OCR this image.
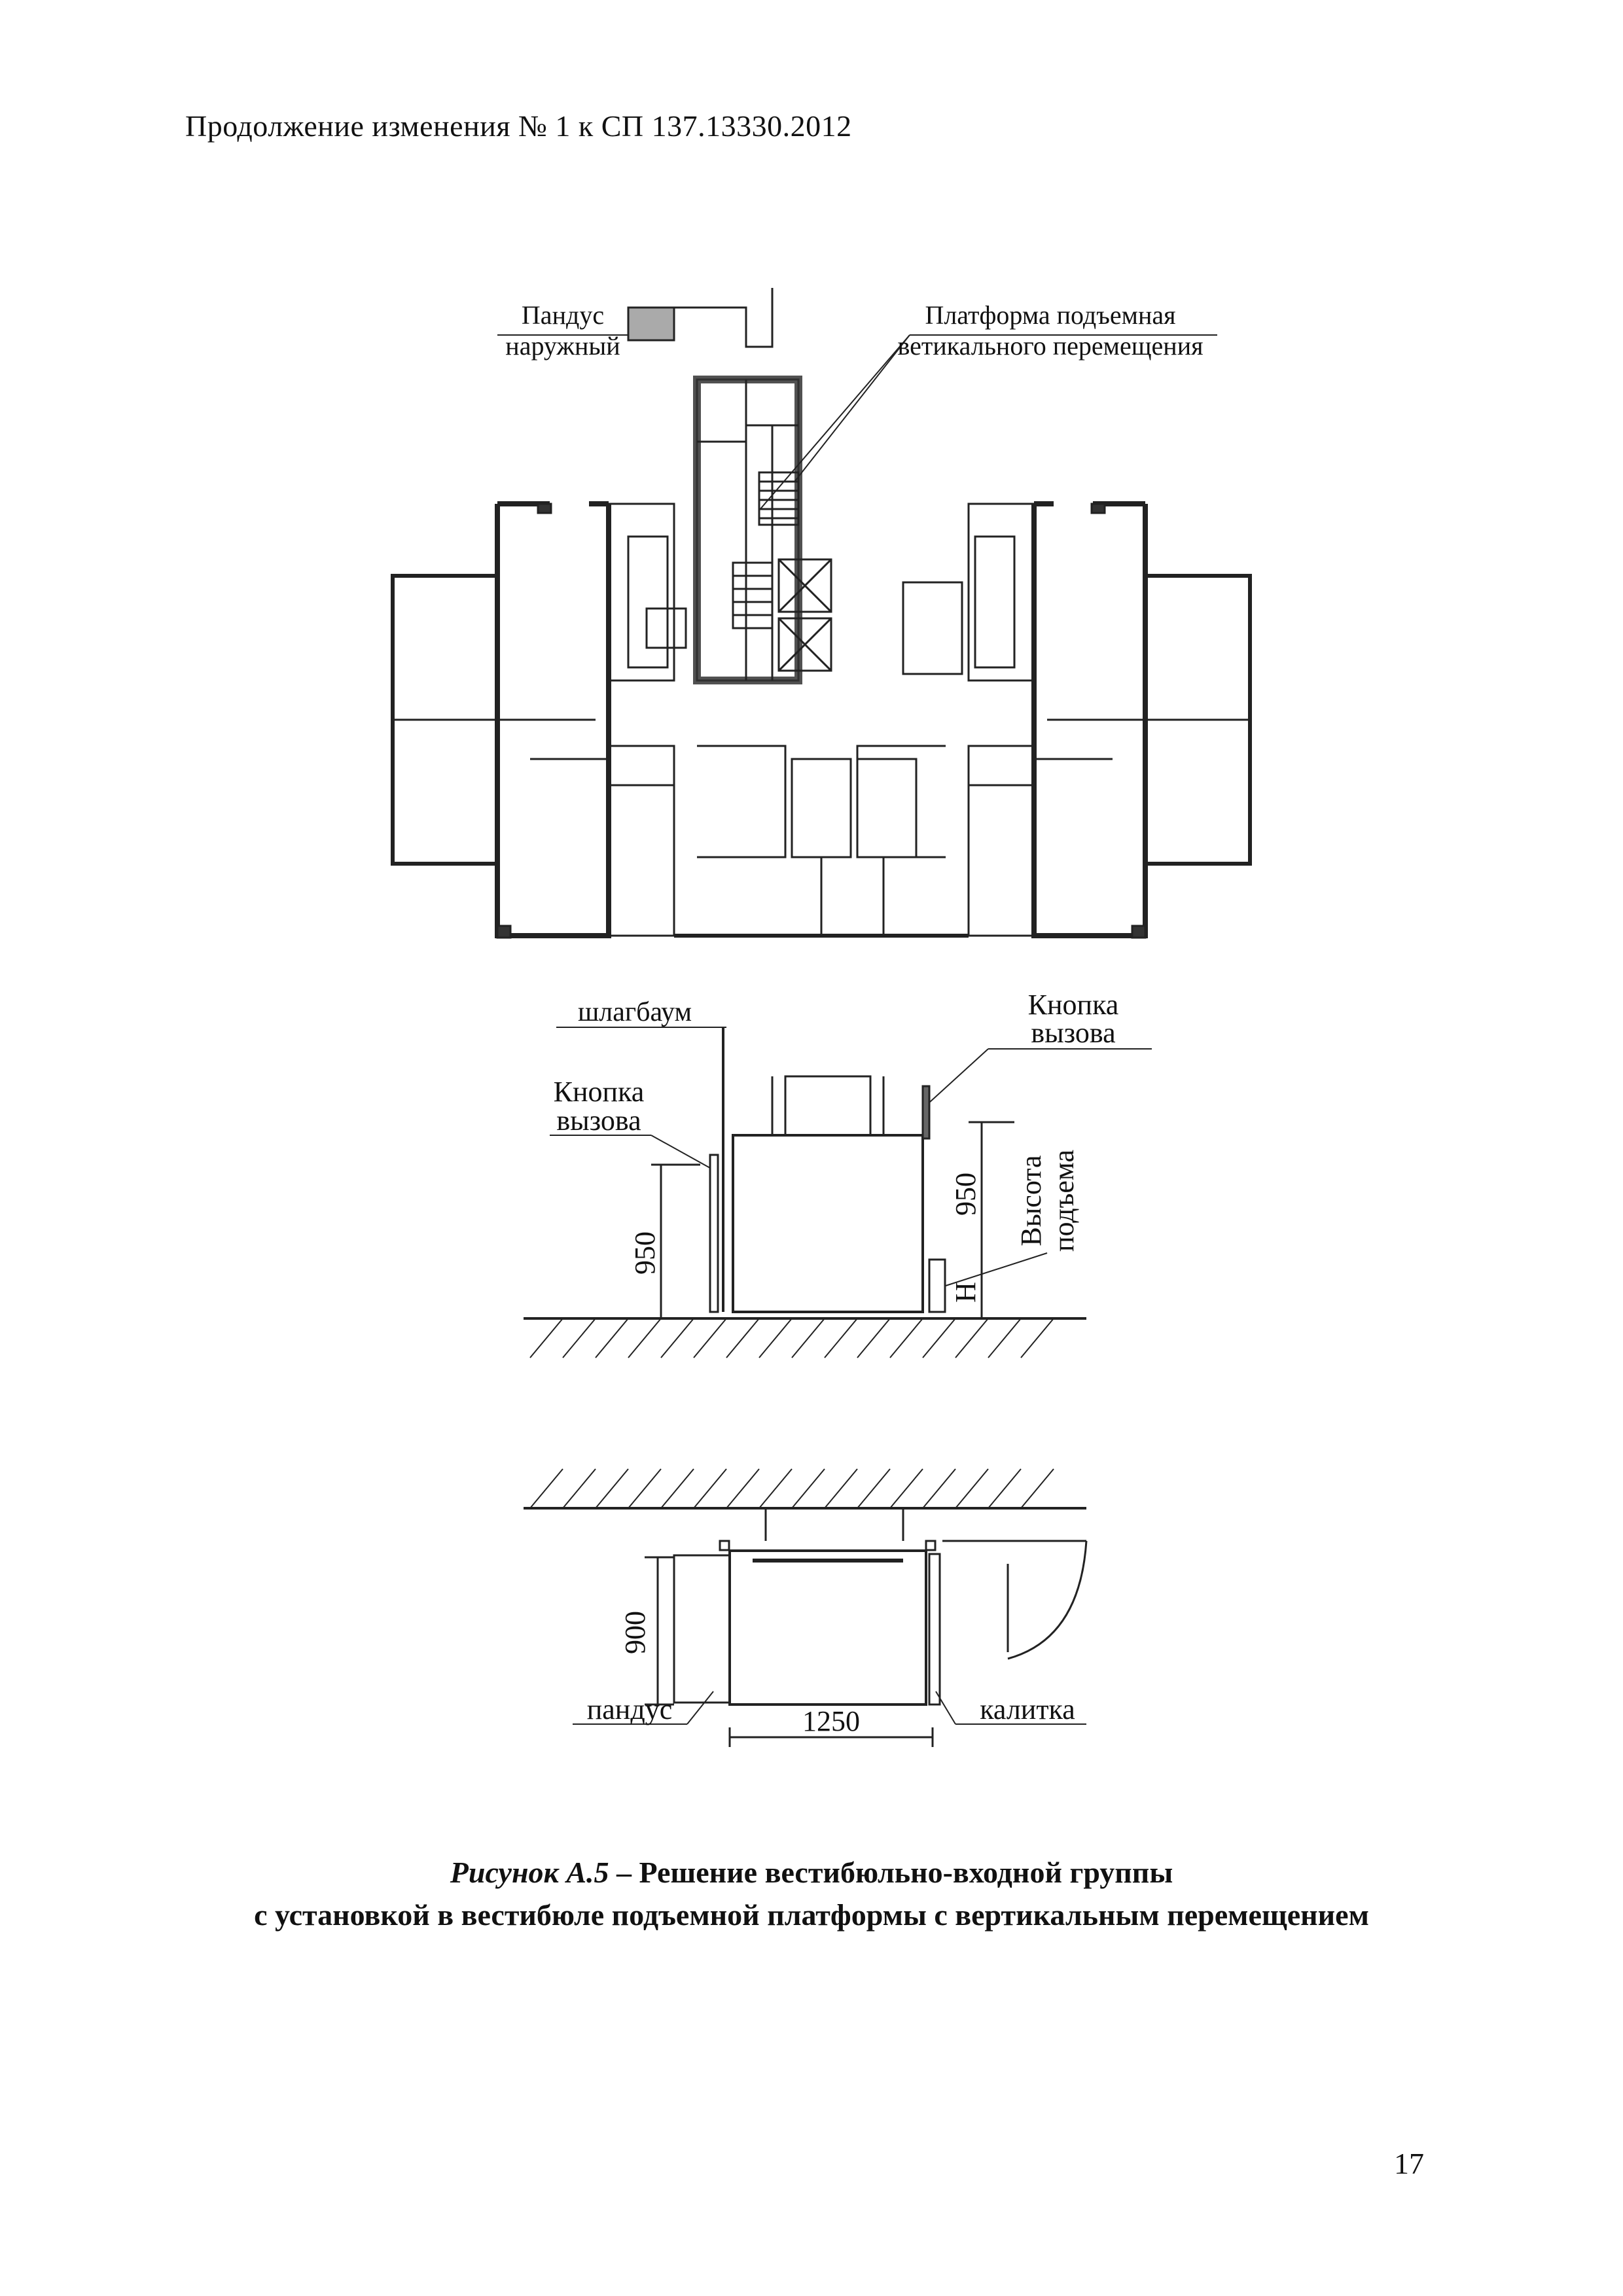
Продолжение изменения № 1 к СП 137.13330.2012
Пандус
наружный
Платформа подъемная
ветикального перемещения
шлагбаум	Кнопка
вызова
Кнопка
вызова
950
950
H
Высота подъема
900
1250
пандус	калитка
Рисунок А.5 – Решение вестибюльно-входной группы
с установкой в вестибюле подъемной платформы с вертикальным перемещением
17
